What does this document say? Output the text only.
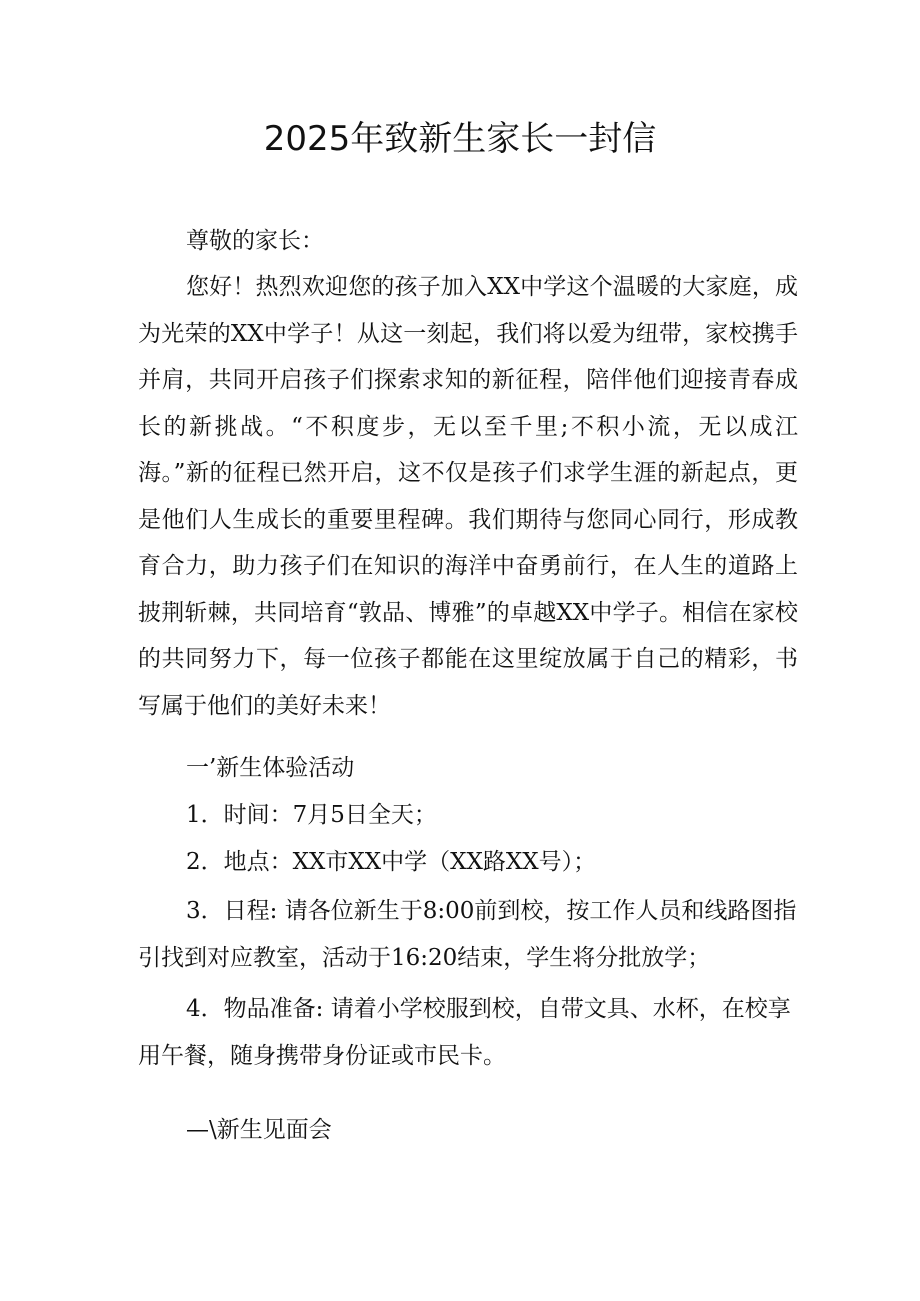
2025年致新生家长一封信

尊敬的家长：

您好！热烈欢迎您的孩子加入XX中学这个温暖的大家庭，成为光荣的XX中学子！从这一刻起，我们将以爱为纽带，家校携手并肩，共同开启孩子们探索求知的新征程，陪伴他们迎接青春成长的新挑战。“不积度步，无以至千里;不积小流，无以成江海。”新的征程已然开启，这不仅是孩子们求学生涯的新起点，更是他们人生成长的重要里程碑。我们期待与您同心同行，形成教育合力，助力孩子们在知识的海洋中奋勇前行，在人生的道路上披荆斩棘，共同培育“敦品、博雅”的卓越XX中学子。相信在家校的共同努力下，每一位孩子都能在这里绽放属于自己的精彩，书写属于他们的美好未来！

一’新生体验活动

1．时间：7月5日全天；

2．地点：XX市XX中学（XX路XX号）；

3．日程: 请各位新生于8:00前到校，按工作人员和线路图指引找到对应教室，活动于16:20结束，学生将分批放学；

4．物品准备: 请着小学校服到校，自带文具、水杯，在校享用午餐，随身携带身份证或市民卡。

—\新生见面会
